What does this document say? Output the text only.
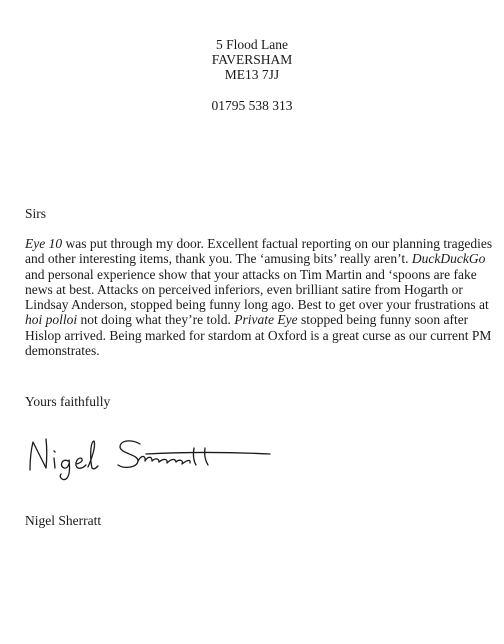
5 Flood Lane
FAVERSHAM
ME13 7JJ
01795 538 313
Sirs

Eye 10 was put through my door. Excellent factual reporting on our planning tragedies and other interesting items, thank you. The ‘amusing bits’ really aren’t. DuckDuckGo and personal experience show that your attacks on Tim Martin and ‘spoons are fake news at best. Attacks on perceived inferiors, even brilliant satire from Hogarth or Lindsay Anderson, stopped being funny long ago. Best to get over your frustrations at hoi polloi not doing what they’re told. Private Eye stopped being funny soon after Hislop arrived. Being marked for stardom at Oxford is a great curse as our current PM demonstrates.

Yours faithfully
Nigel Sherratt
